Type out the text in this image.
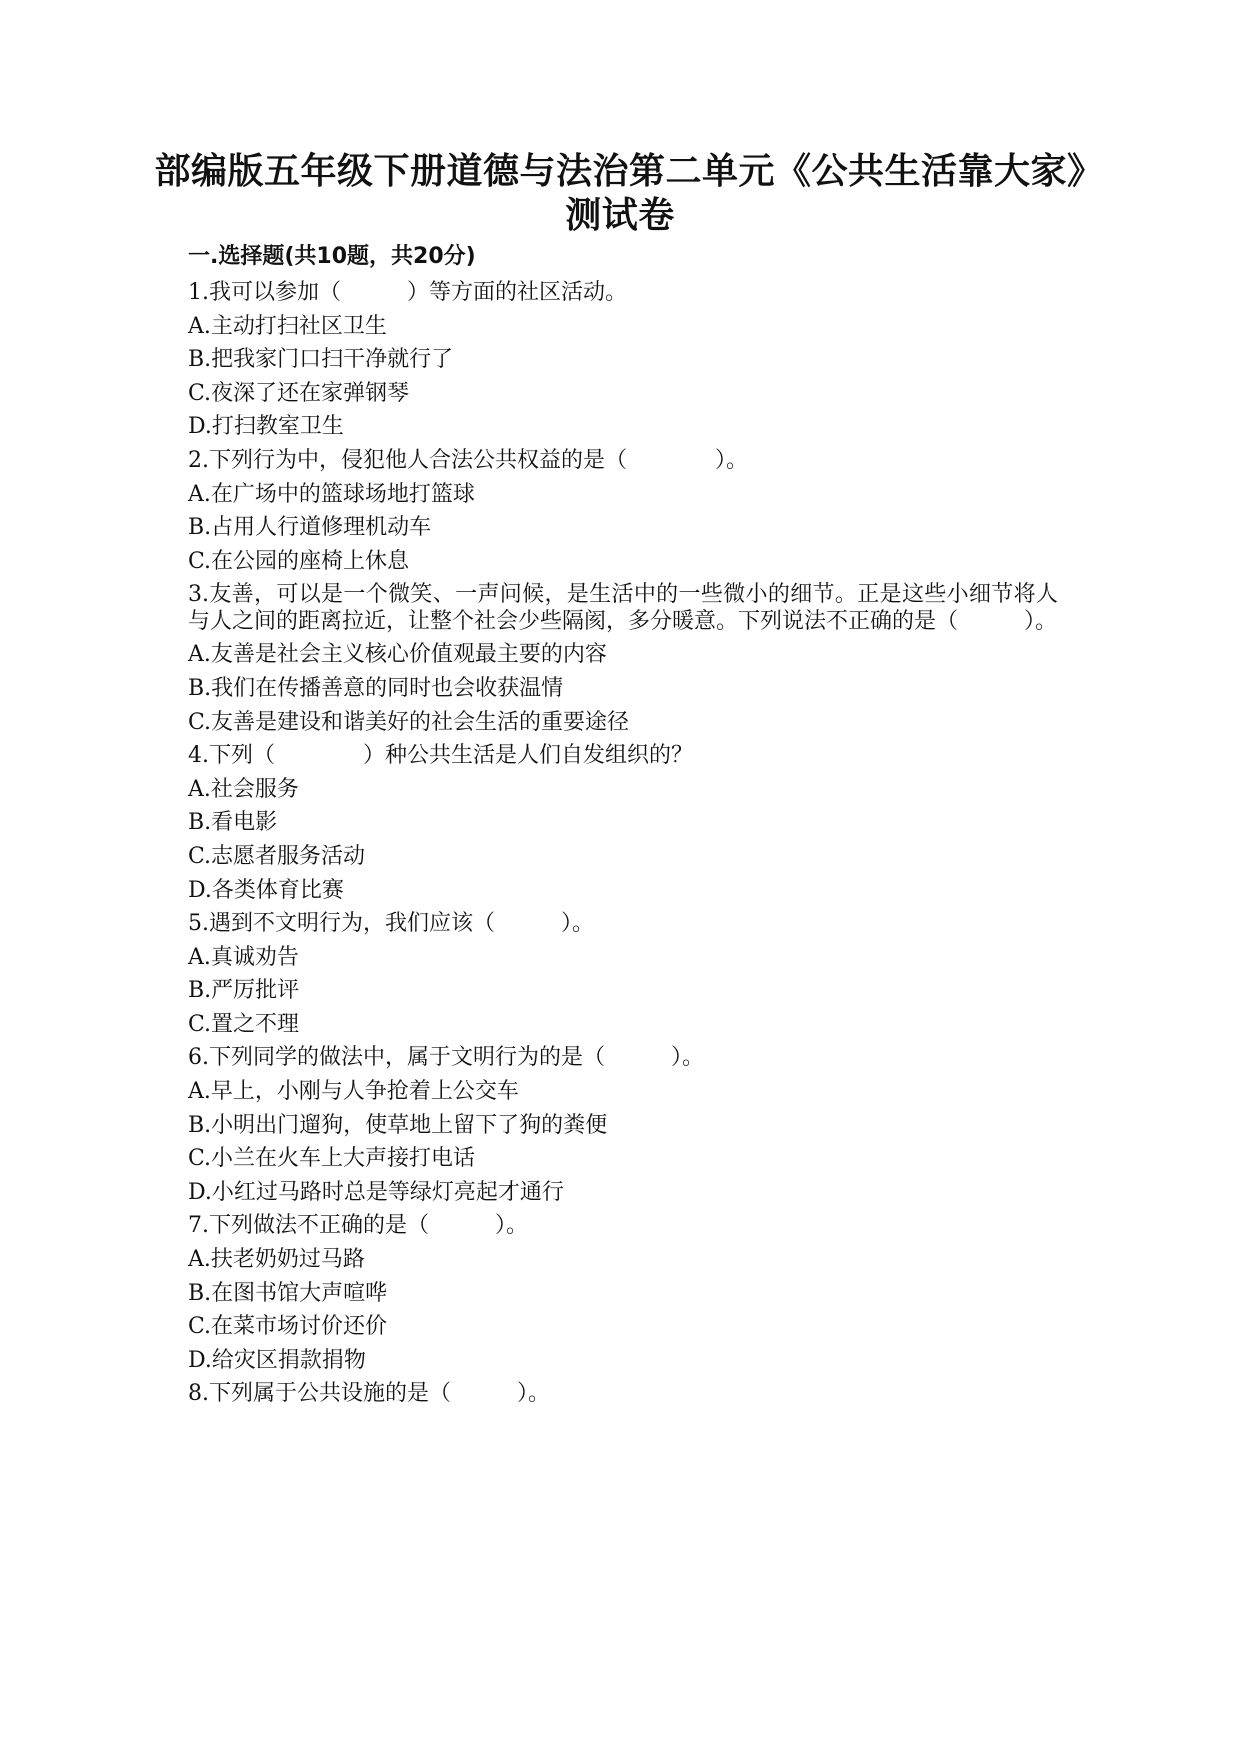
部编版五年级下册道德与法治第二单元《公共生活靠大家》测试卷
一.选择题(共10题，共20分)
1.我可以参加（　　　）等方面的社区活动。
A.主动打扫社区卫生
B.把我家门口扫干净就行了
C.夜深了还在家弹钢琴
D.打扫教室卫生
2.下列行为中，侵犯他人合法公共权益的是（　　　　）。
A.在广场中的篮球场地打篮球
B.占用人行道修理机动车
C.在公园的座椅上休息
3.友善，可以是一个微笑、一声问候，是生活中的一些微小的细节。正是这些小细节将人与人之间的距离拉近，让整个社会少些隔阂，多分暖意。下列说法不正确的是（　　　）。
A.友善是社会主义核心价值观最主要的内容
B.我们在传播善意的同时也会收获温情
C.友善是建设和谐美好的社会生活的重要途径
4.下列（　　　　）种公共生活是人们自发组织的？
A.社会服务
B.看电影
C.志愿者服务活动
D.各类体育比赛
5.遇到不文明行为，我们应该（　　　）。
A.真诚劝告
B.严厉批评
C.置之不理
6.下列同学的做法中，属于文明行为的是（　　　）。
A.早上，小刚与人争抢着上公交车
B.小明出门遛狗，使草地上留下了狗的粪便
C.小兰在火车上大声接打电话
D.小红过马路时总是等绿灯亮起才通行
7.下列做法不正确的是（　　　）。
A.扶老奶奶过马路
B.在图书馆大声喧哗
C.在菜市场讨价还价
D.给灾区捐款捐物
8.下列属于公共设施的是（　　　）。
